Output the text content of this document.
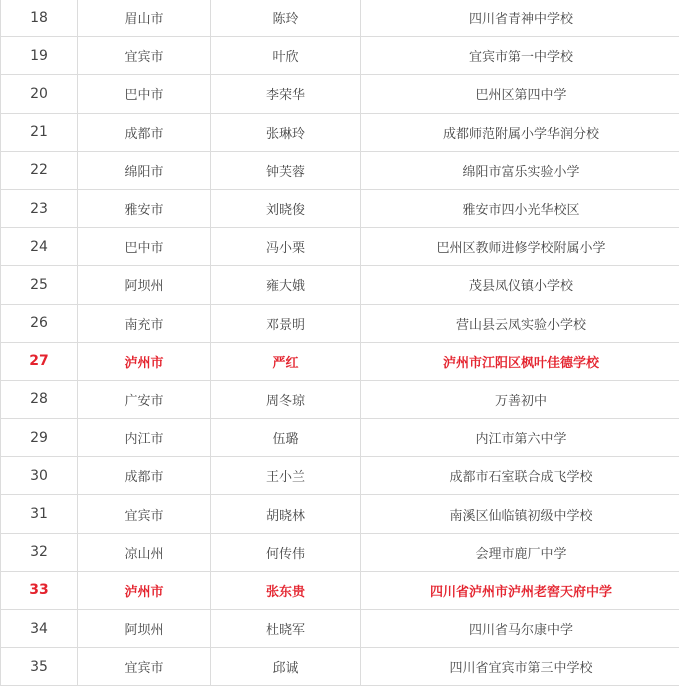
18	眉山市	陈玲	四川省青神中学校
19	宜宾市	叶欣	宜宾市第一中学校
20	巴中市	李荣华	巴州区第四中学
21	成都市	张琳玲	成都师范附属小学华润分校
22	绵阳市	钟芙蓉	绵阳市富乐实验小学
23	雅安市	刘晓俊	雅安市四小光华校区
24	巴中市	冯小栗	巴州区教师进修学校附属小学
25	阿坝州	雍大娥	茂县凤仪镇小学校
26	南充市	邓景明	营山县云凤实验小学校
27	泸州市	严红	泸州市江阳区枫叶佳德学校
28	广安市	周冬琼	万善初中
29	内江市	伍璐	内江市第六中学
30	成都市	王小兰	成都市石室联合成飞学校
31	宜宾市	胡晓林	南溪区仙临镇初级中学校
32	凉山州	何传伟	会理市鹿厂中学
33	泸州市	张东贵	四川省泸州市泸州老窖天府中学
34	阿坝州	杜晓军	四川省马尔康中学
35	宜宾市	邱诚	四川省宜宾市第三中学校
